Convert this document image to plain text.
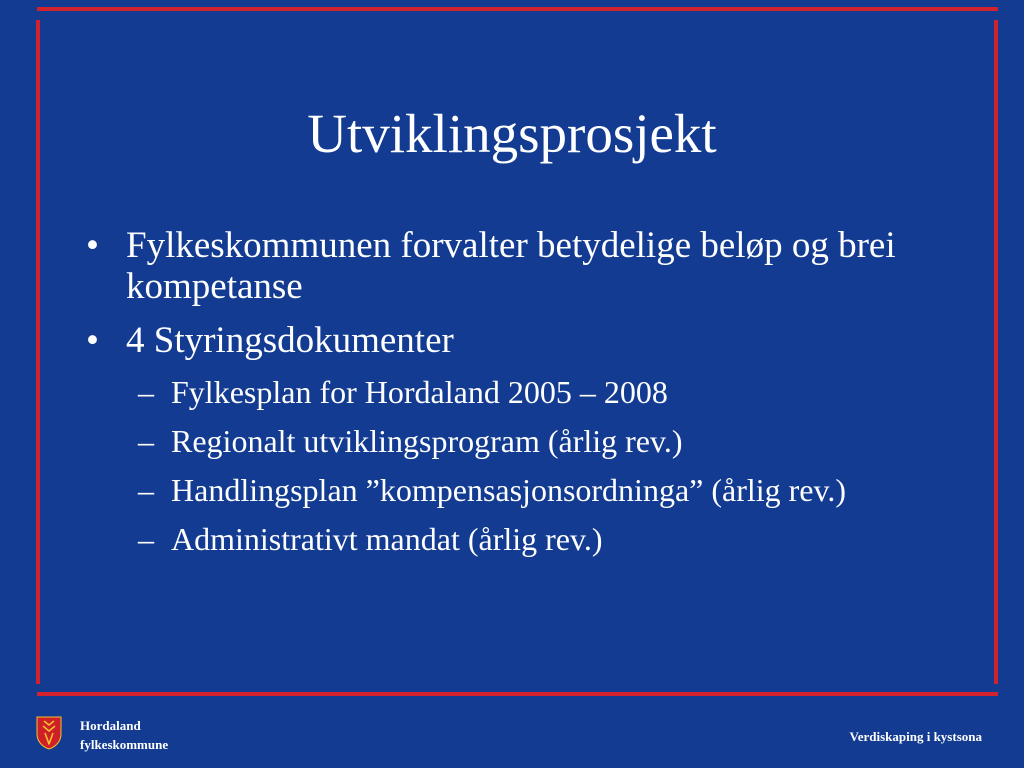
Utviklingsprosjekt
• Fylkeskommunen forvalter betydelige beløp og brei kompetanse
• 4 Styringsdokumenter
– Fylkesplan for Hordaland 2005 – 2008
– Regionalt utviklingsprogram (årlig rev.)
– Handlingsplan ”kompensasjonsordninga” (årlig rev.)
– Administrativt mandat (årlig rev.)
Hordaland
fylkeskommune
Verdiskaping i kystsona
